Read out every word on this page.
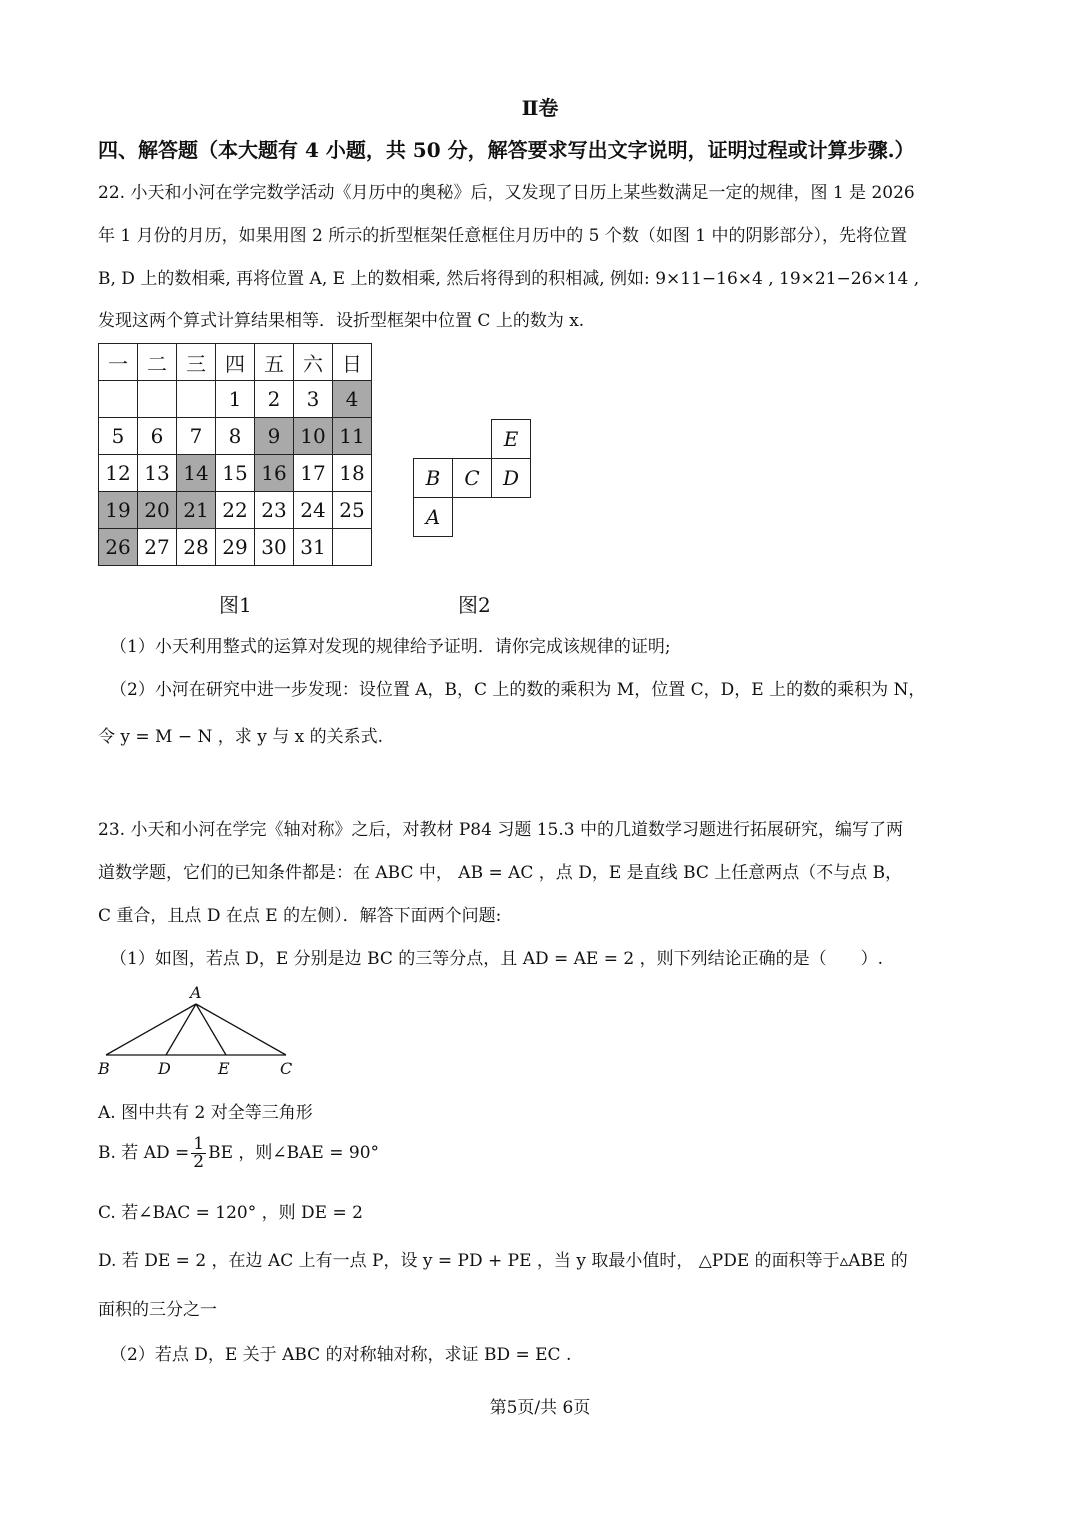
Ⅱ卷
四、解答题（本大题有 4 小题，共 50 分，解答要求写出文字说明，证明过程或计算步骤.）
22. 小天和小河在学完数学活动《月历中的奥秘》后，又发现了日历上某些数满足一定的规律，图 1 是 2026
年 1 月份的月历，如果用图 2 所示的折型框架任意框住月历中的 5 个数（如图 1 中的阴影部分），先将位置
B, D 上的数相乘, 再将位置 A, E 上的数相乘, 然后将得到的积相减, 例如: 9×11−16×4 , 19×21−26×14 ,
发现这两个算式计算结果相等．设折型框架中位置 C 上的数为 x.
一	二	三	四	五	六	日
			1	2	3	4
5	6	7	8	9	10	11
12	13	14	15	16	17	18
19	20	21	22	23	24	25
26	27	28	29	30	31	
		E
B	C	D
A		
图1	图2
（1）小天利用整式的运算对发现的规律给予证明．请你完成该规律的证明;
（2）小河在研究中进一步发现：设位置 A，B，C 上的数的乘积为 M，位置 C，D，E 上的数的乘积为 N，
令 y = M − N ，求 y 与 x 的关系式.
23. 小天和小河在学完《轴对称》之后，对教材 P84 习题 15.3 中的几道数学习题进行拓展研究，编写了两
道数学题，它们的已知条件都是：在 ABC 中， AB = AC ，点 D，E 是直线 BC 上任意两点（不与点 B，
C 重合，且点 D 在点 E 的左侧）．解答下面两个问题:
（1）如图，若点 D，E 分别是边 BC 的三等分点，且 AD = AE = 2 ，则下列结论正确的是（　　）.
A
B	D	E	C
A. 图中共有 2 对全等三角形
B. 若 AD = $\frac{1}{2}$ BE ，则∠BAE = 90°
C. 若∠BAC = 120° ，则 DE = 2
D. 若 DE = 2 ，在边 AC 上有一点 P，设 y = PD + PE ，当 y 取最小值时， △PDE 的面积等于▵ABE 的
面积的三分之一
（2）若点 D，E 关于 ABC 的对称轴对称，求证 BD = EC .
第5页/共 6页
